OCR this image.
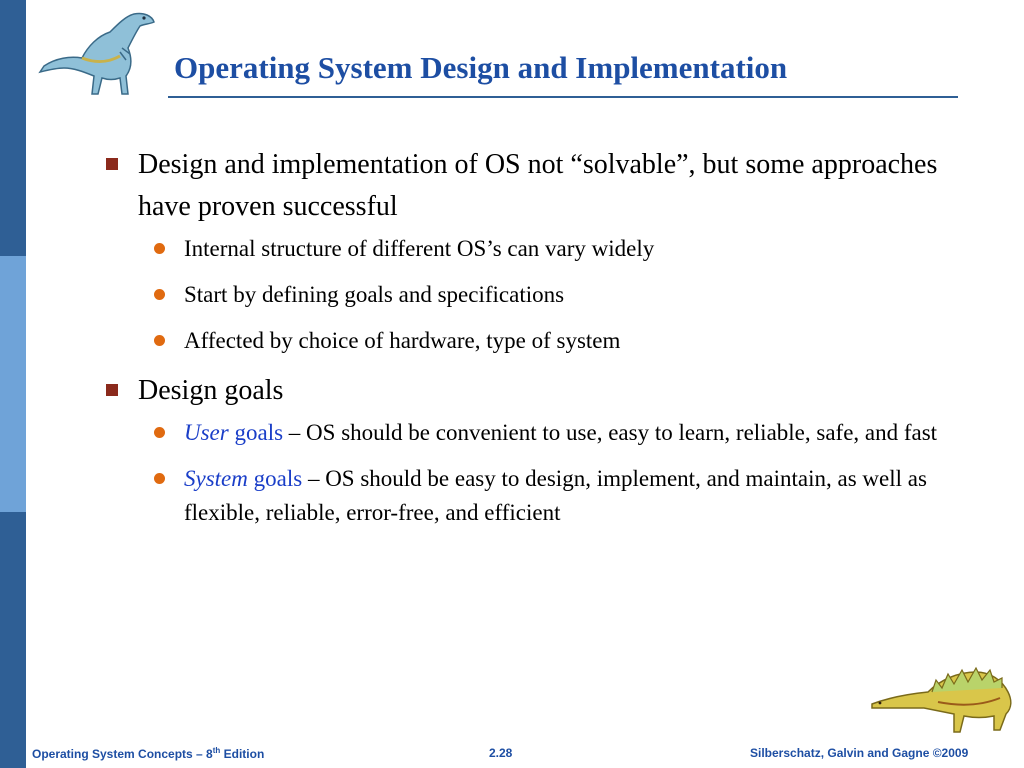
Operating System Design and Implementation
Design and implementation of OS not “solvable”, but some approaches have proven successful
Internal structure of different OS’s can vary widely
Start by defining goals and specifications
Affected by choice of hardware, type of system
Design goals
User goals – OS should be convenient to use, easy to learn, reliable, safe, and fast
System goals – OS should be easy to design, implement, and maintain, as well as flexible, reliable, error-free, and efficient
Operating System Concepts – 8th Edition	2.28	Silberschatz, Galvin and Gagne ©2009
